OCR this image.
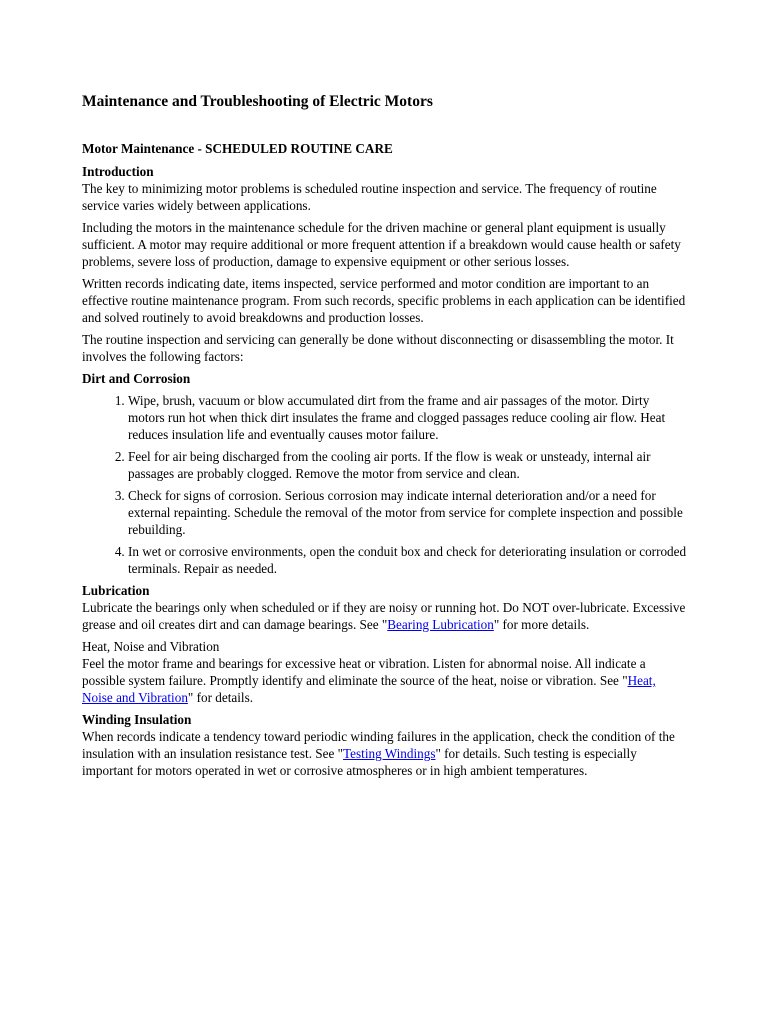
Maintenance and Troubleshooting of Electric Motors
Motor Maintenance - SCHEDULED ROUTINE CARE
Introduction

The key to minimizing motor problems is scheduled routine inspection and service. The frequency of routine service varies widely between applications.

Including the motors in the maintenance schedule for the driven machine or general plant equipment is usually sufficient. A motor may require additional or more frequent attention if a breakdown would cause health or safety problems, severe loss of production, damage to expensive equipment or other serious losses.

Written records indicating date, items inspected, service performed and motor condition are important to an effective routine maintenance program. From such records, specific problems in each application can be identified and solved routinely to avoid breakdowns and production losses.

The routine inspection and servicing can generally be done without disconnecting or disassembling the motor. It involves the following factors:

Dirt and Corrosion
1. Wipe, brush, vacuum or blow accumulated dirt from the frame and air passages of the motor. Dirty motors run hot when thick dirt insulates the frame and clogged passages reduce cooling air flow. Heat reduces insulation life and eventually causes motor failure.
2. Feel for air being discharged from the cooling air ports. If the flow is weak or unsteady, internal air passages are probably clogged. Remove the motor from service and clean.
3. Check for signs of corrosion. Serious corrosion may indicate internal deterioration and/or a need for external repainting. Schedule the removal of the motor from service for complete inspection and possible rebuilding.
4. In wet or corrosive environments, open the conduit box and check for deteriorating insulation or corroded terminals. Repair as needed.
Lubrication

Lubricate the bearings only when scheduled or if they are noisy or running hot. Do NOT over-lubricate. Excessive grease and oil creates dirt and can damage bearings. See "Bearing Lubrication" for more details.

Heat, Noise and Vibration

Feel the motor frame and bearings for excessive heat or vibration. Listen for abnormal noise. All indicate a possible system failure. Promptly identify and eliminate the source of the heat, noise or vibration. See "Heat, Noise and Vibration" for details.

Winding Insulation

When records indicate a tendency toward periodic winding failures in the application, check the condition of the insulation with an insulation resistance test. See "Testing Windings" for details. Such testing is especially important for motors operated in wet or corrosive atmospheres or in high ambient temperatures.
